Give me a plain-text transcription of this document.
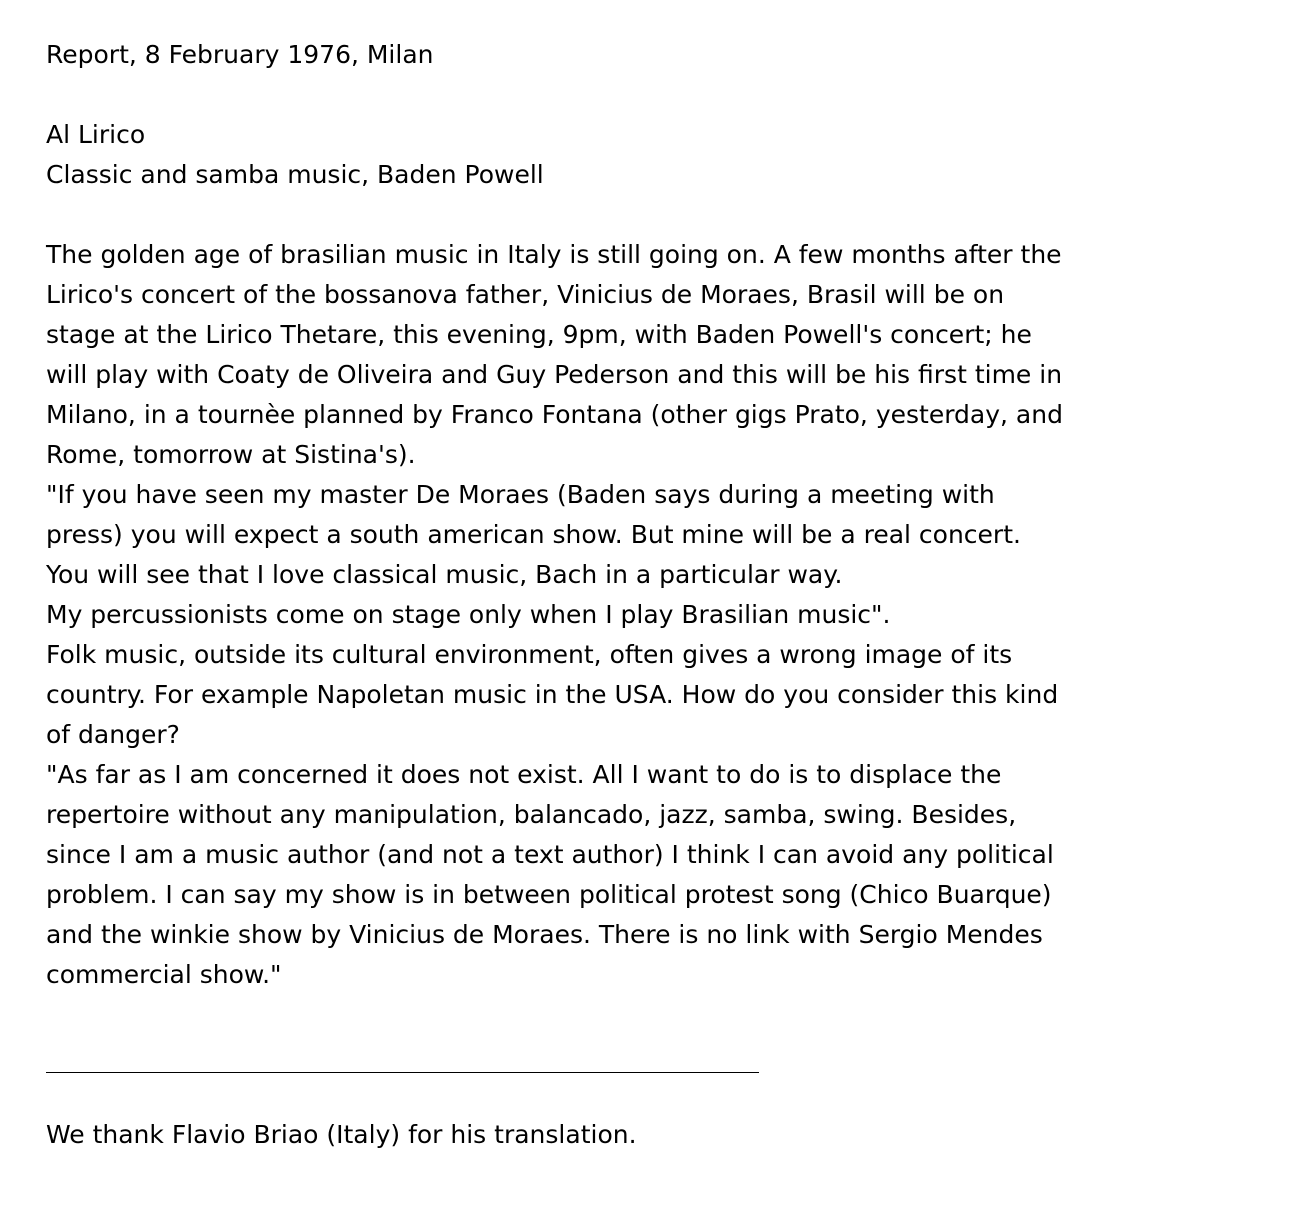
Report, 8 February 1976, Milan
Al Lirico
Classic and samba music, Baden Powell
The golden age of brasilian music in Italy is still going on. A few months after the
Lirico's concert of the bossanova father, Vinicius de Moraes, Brasil will be on
stage at the Lirico Thetare, this evening, 9pm, with Baden Powell's concert; he
will play with Coaty de Oliveira and Guy Pederson and this will be his first time in
Milano, in a tournèe planned by Franco Fontana (other gigs Prato, yesterday, and
Rome, tomorrow at Sistina's).
"If you have seen my master De Moraes (Baden says during a meeting with
press) you will expect a south american show. But mine will be a real concert.
You will see that I love classical music, Bach in a particular way.
My percussionists come on stage only when I play Brasilian music".
Folk music, outside its cultural environment, often gives a wrong image of its
country. For example Napoletan music in the USA. How do you consider this kind
of danger?
"As far as I am concerned it does not exist. All I want to do is to displace the
repertoire without any manipulation, balancado, jazz, samba, swing. Besides,
since I am a music author (and not a text author) I think I can avoid any political
problem. I can say my show is in between political protest song (Chico Buarque)
and the winkie show by Vinicius de Moraes. There is no link with Sergio Mendes
commercial show."
We thank Flavio Briao (Italy) for his translation.
